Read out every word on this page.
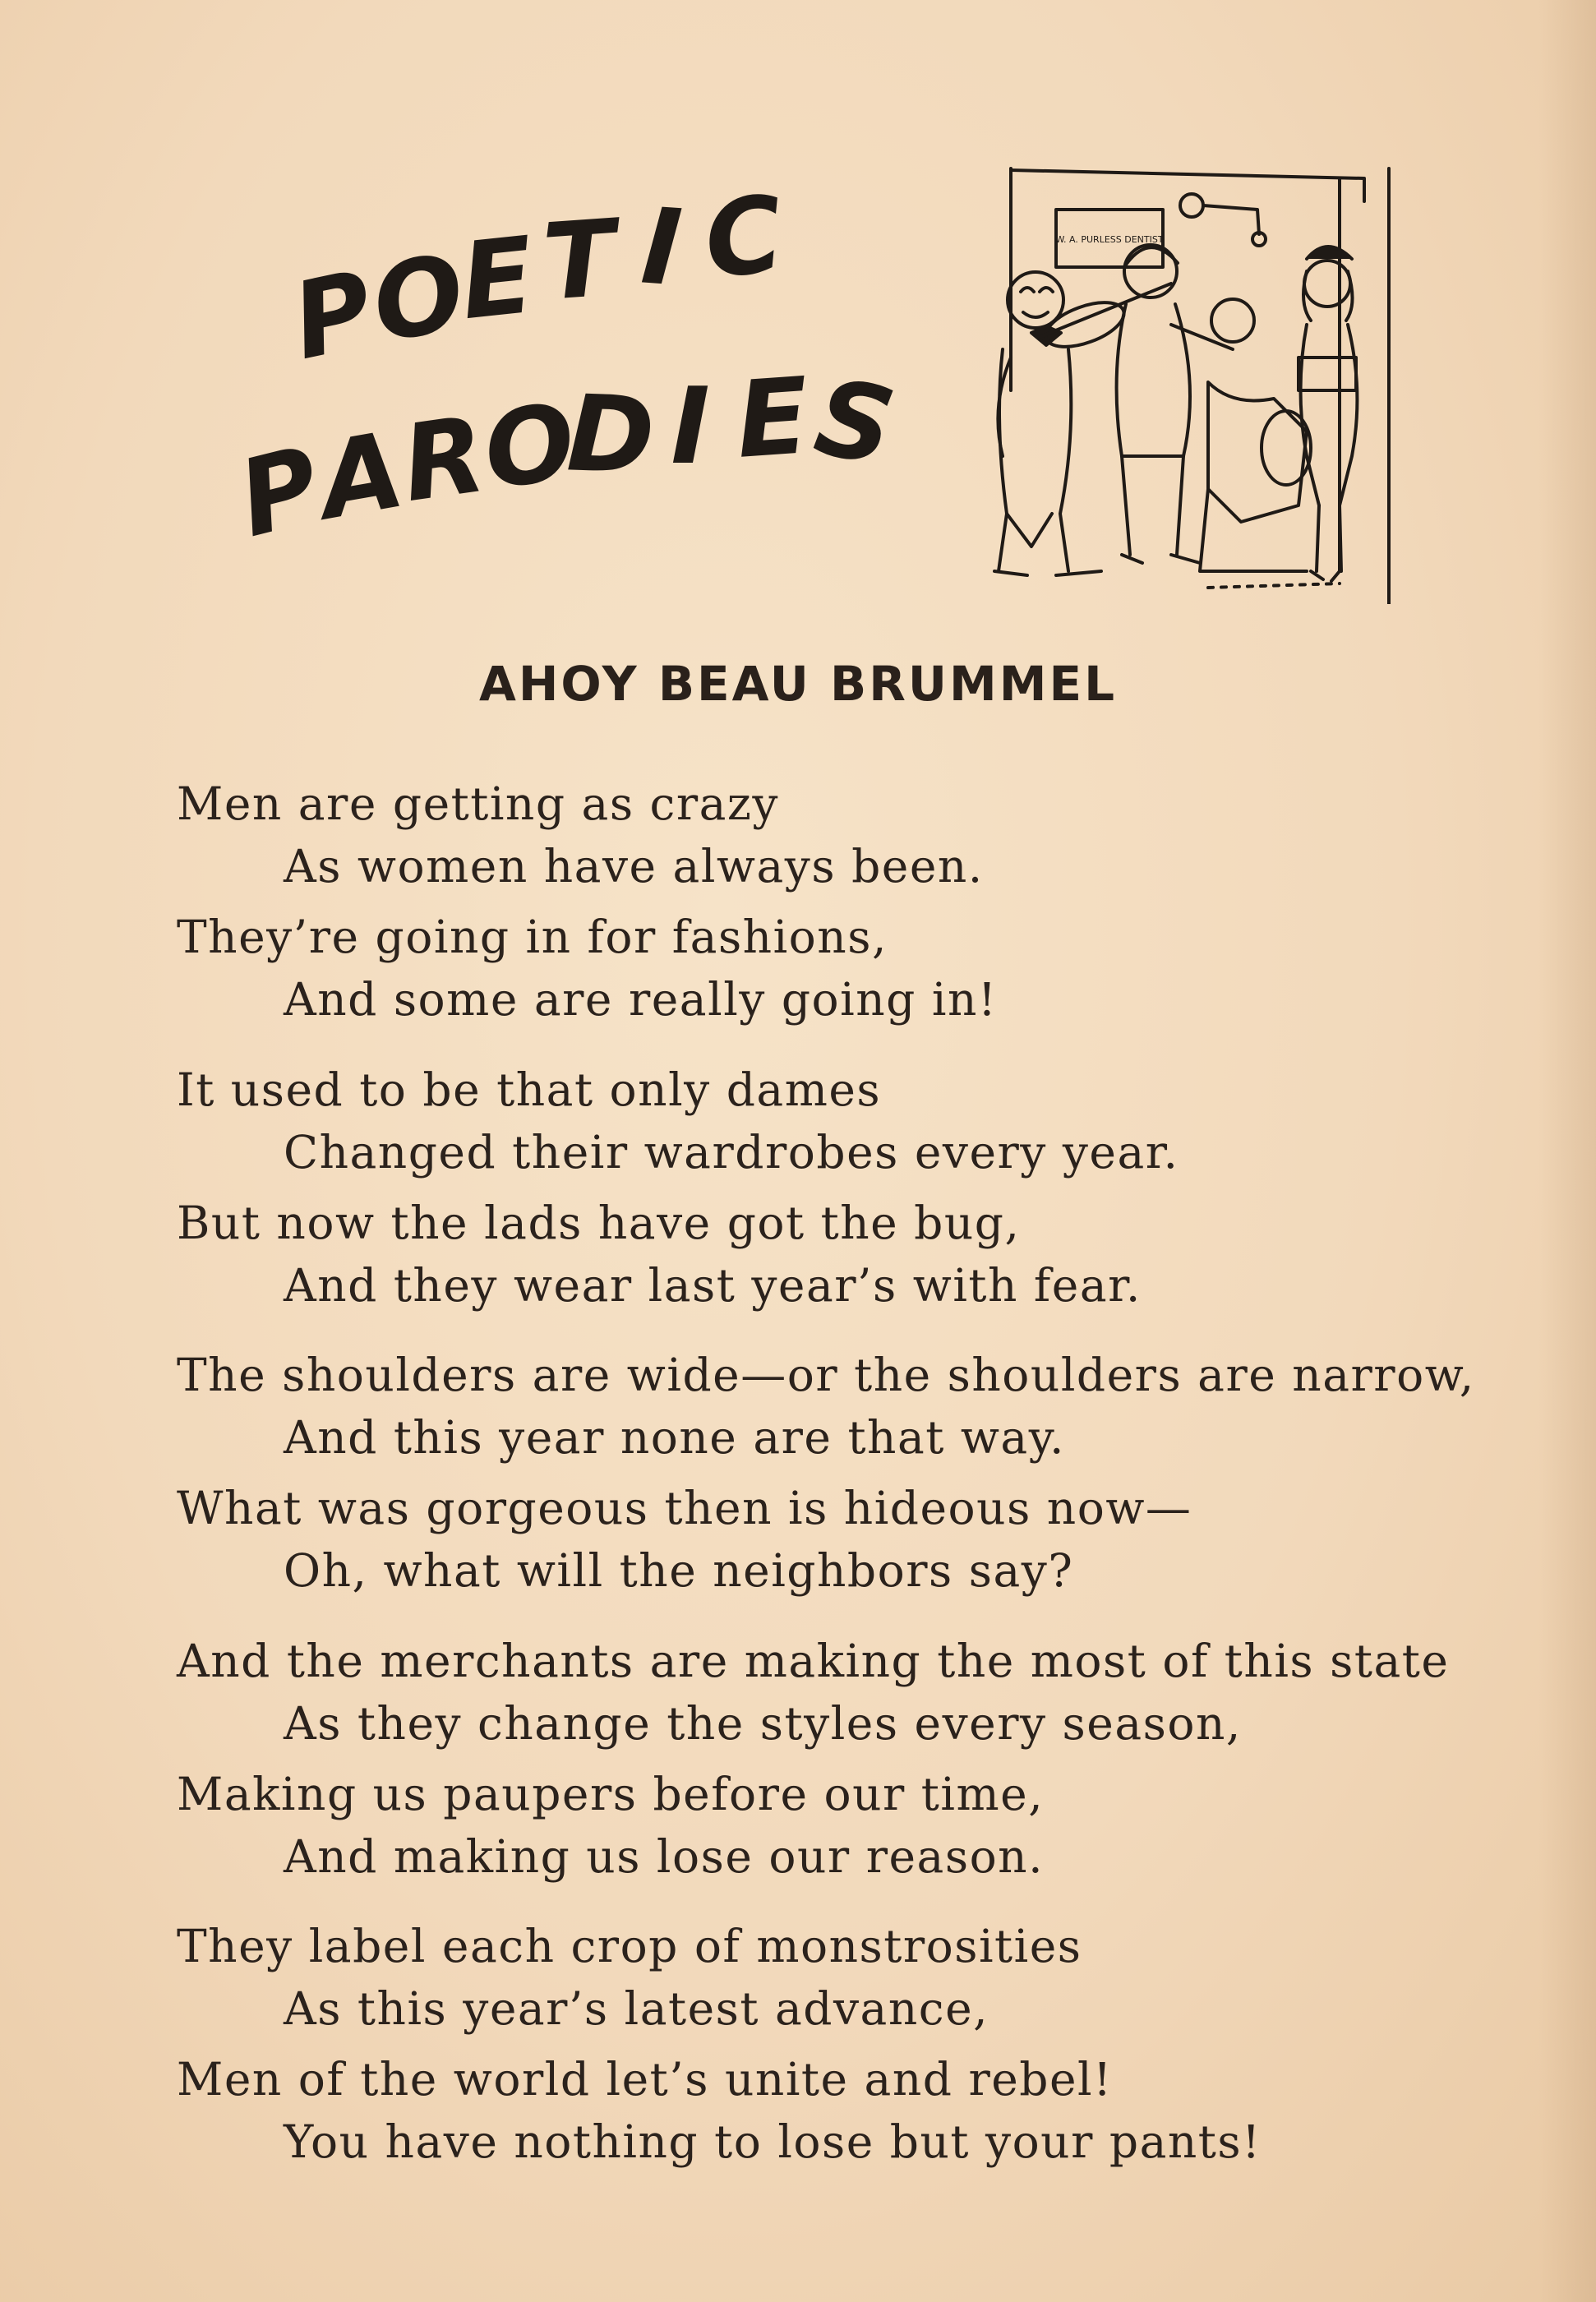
P
O
E T I C
P
A
R
O
D I E
S
W. A. PURLESS DENTIST
AHOY BEAU BRUMMEL
Men are getting as crazy
As women have always been.
They’re going in for fashions,
And some are really going in!
It used to be that only dames
Changed their wardrobes every year.
But now the lads have got the bug,
And they wear last year’s with fear.
The shoulders are wide—or the shoulders are narrow,
And this year none are that way.
What was gorgeous then is hideous now—
Oh, what will the neighbors say?
And the merchants are making the most of this state
As they change the styles every season,
Making us paupers before our time,
And making us lose our reason.
They label each crop of monstrosities
As this year’s latest advance,
Men of the world let’s unite and rebel!
You have nothing to lose but your pants!
